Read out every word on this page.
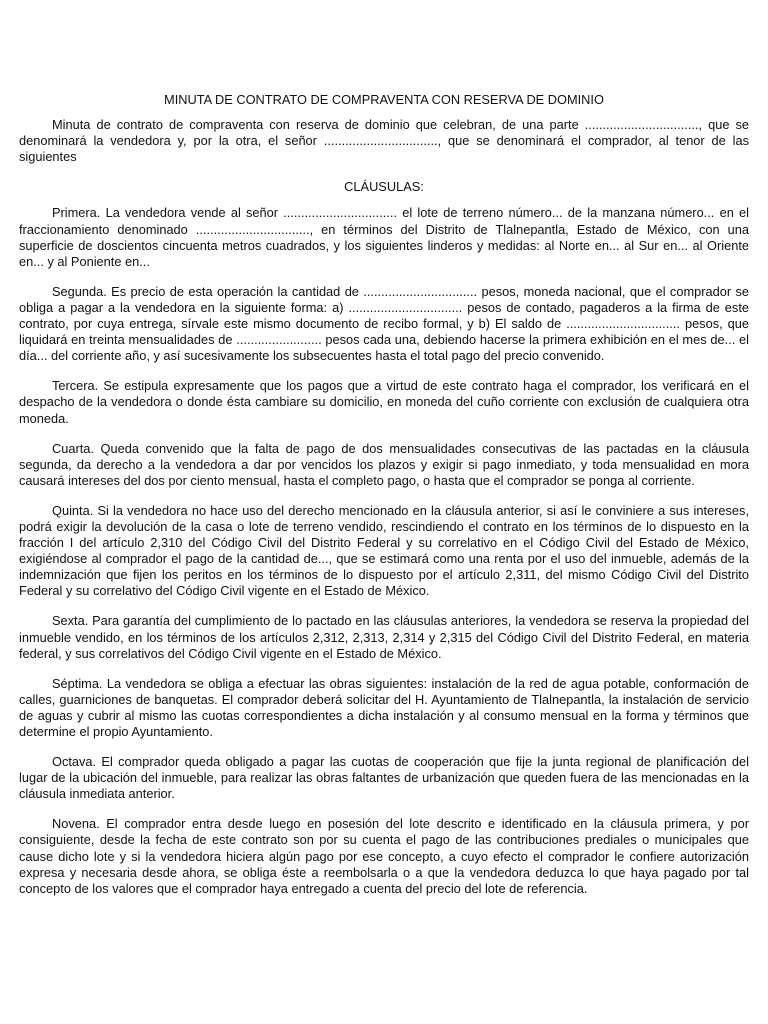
MINUTA DE CONTRATO DE COMPRAVENTA CON RESERVA DE DOMINIO

Minuta de contrato de compraventa con reserva de dominio que celebran, de una parte ................................, que se denominará la vendedora y, por la otra, el señor ................................, que se denominará el comprador, al tenor de las siguientes

CLÁUSULAS:

Primera. La vendedora vende al señor ................................ el lote de terreno número... de la manzana número... en el fraccionamiento denominado ................................, en términos del Distrito de Tlalnepantla, Estado de México, con una superficie de doscientos cincuenta metros cuadrados, y los siguientes linderos y medidas: al Norte en... al Sur en... al Oriente en... y al Poniente en...

Segunda. Es precio de esta operación la cantidad de ................................ pesos, moneda nacional, que el comprador se obliga a pagar a la vendedora en la siguiente forma: a) ................................ pesos de contado, pagaderos a la firma de este contrato, por cuya entrega, sírvale este mismo documento de recibo formal, y b) El saldo de ................................ pesos, que liquidará en treinta mensualidades de ........................ pesos cada una, debiendo hacerse la primera exhibición en el mes de... el día... del corriente año, y así sucesivamente los subsecuentes hasta el total pago del precio convenido.

Tercera. Se estipula expresamente que los pagos que a virtud de este contrato haga el comprador, los verificará en el despacho de la vendedora o donde ésta cambiare su domicilio, en moneda del cuño corriente con exclusión de cualquiera otra moneda.

Cuarta. Queda convenido que la falta de pago de dos mensualidades consecutivas de las pactadas en la cláusula segunda, da derecho a la vendedora a dar por vencidos los plazos y exigir si pago inmediato, y toda mensualidad en mora causará intereses del dos por ciento mensual, hasta el completo pago, o hasta que el comprador se ponga al corriente.

Quinta. Si la vendedora no hace uso del derecho mencionado en la cláusula anterior, si así le conviniere a sus intereses, podrá exigir la devolución de la casa o lote de terreno vendido, rescindiendo el contrato en los términos de lo dispuesto en la fracción I del artículo 2,310 del Código Civil del Distrito Federal y su correlativo en el Código Civil del Estado de México, exigiéndose al comprador el pago de la cantidad de..., que se estimará como una renta por el uso del inmueble, además de la indemnización que fijen los peritos en los términos de lo dispuesto por el artículo 2,311, del mismo Código Civil del Distrito Federal y su correlativo del Código Civil vigente en el Estado de México.

Sexta. Para garantía del cumplimiento de lo pactado en las cláusulas anteriores, la vendedora se reserva la propiedad del inmueble vendido, en los términos de los artículos 2,312, 2,313, 2,314 y 2,315 del Código Civil del Distrito Federal, en materia federal, y sus correlativos del Código Civil vigente en el Estado de México.

Séptima. La vendedora se obliga a efectuar las obras siguientes: instalación de la red de agua potable, conformación de calles, guarniciones de banquetas. El comprador deberá solicitar del H. Ayuntamiento de Tlalnepantla, la instalación de servicio de aguas y cubrir al mismo las cuotas correspondientes a dicha instalación y al consumo mensual en la forma y términos que determine el propio Ayuntamiento.

Octava. El comprador queda obligado a pagar las cuotas de cooperación que fije la junta regional de planificación del lugar de la ubicación del inmueble, para realizar las obras faltantes de urbanización que queden fuera de las mencionadas en la cláusula inmediata anterior.

Novena. El comprador entra desde luego en posesión del lote descrito e identificado en la cláusula primera, y por consiguiente, desde la fecha de este contrato son por su cuenta el pago de las contribuciones prediales o municipales que cause dicho lote y si la vendedora hiciera algún pago por ese concepto, a cuyo efecto el comprador le confiere autorización expresa y necesaria desde ahora, se obliga éste a reembolsarla o a que la vendedora deduzca lo que haya pagado por tal concepto de los valores que el comprador haya entregado a cuenta del precio del lote de referencia.
